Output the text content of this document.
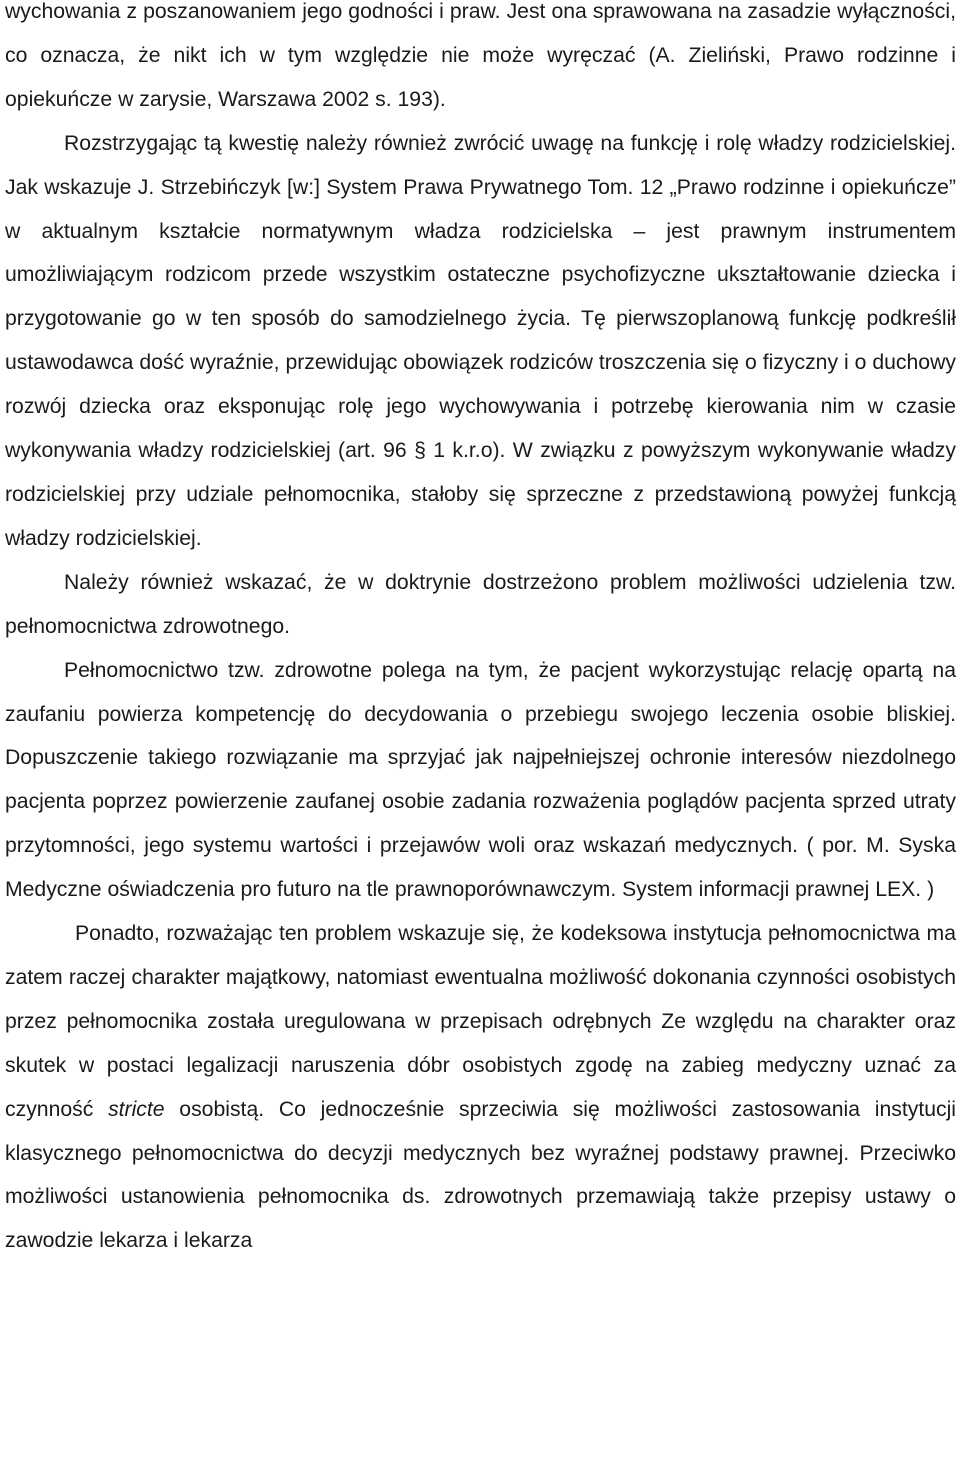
wychowania z poszanowaniem jego godności i praw. Jest ona sprawowana na zasadzie wyłączności, co oznacza, że nikt ich w tym względzie nie może wyręczać (A. Zieliński, Prawo rodzinne i opiekuńcze w zarysie, Warszawa 2002 s. 193).

Rozstrzygając tą kwestię należy również zwrócić uwagę na funkcję i rolę władzy rodzicielskiej. Jak wskazuje J. Strzebińczyk [w:] System Prawa Prywatnego Tom. 12 „Prawo rodzinne i opiekuńcze” w aktualnym kształcie normatywnym władza rodzicielska – jest prawnym instrumentem umożliwiającym rodzicom przede wszystkim ostateczne psychofizyczne ukształtowanie dziecka i przygotowanie go w ten sposób do samodzielnego życia. Tę pierwszoplanową funkcję podkreślił ustawodawca dość wyraźnie, przewidując obowiązek rodziców troszczenia się o fizyczny i o duchowy rozwój dziecka oraz eksponując rolę jego wychowywania i potrzebę kierowania nim w czasie wykonywania władzy rodzicielskiej (art. 96 § 1 k.r.o). W związku z powyższym wykonywanie władzy rodzicielskiej przy udziale pełnomocnika, stałoby się sprzeczne z przedstawioną powyżej funkcją władzy rodzicielskiej.

Należy również wskazać, że w doktrynie dostrzeżono problem możliwości udzielenia tzw. pełnomocnictwa zdrowotnego.

Pełnomocnictwo tzw. zdrowotne polega na tym, że pacjent wykorzystując relację opartą na zaufaniu powierza kompetencję do decydowania o przebiegu swojego leczenia osobie bliskiej. Dopuszczenie takiego rozwiązanie ma sprzyjać jak najpełniejszej ochronie interesów niezdolnego pacjenta poprzez powierzenie zaufanej osobie zadania rozważenia poglądów pacjenta sprzed utraty przytomności, jego systemu wartości i przejawów woli oraz wskazań medycznych. ( por. M. Syska Medyczne oświadczenia pro futuro na tle prawnoporównawczym. System informacji prawnej LEX. )

Ponadto, rozważając ten problem wskazuje się, że kodeksowa instytucja pełnomocnictwa ma zatem raczej charakter majątkowy, natomiast ewentualna możliwość dokonania czynności osobistych przez pełnomocnika została uregulowana w przepisach odrębnych Ze względu na charakter oraz skutek w postaci legalizacji naruszenia dóbr osobistych zgodę na zabieg medyczny uznać za czynność stricte osobistą. Co jednocześnie sprzeciwia się możliwości zastosowania instytucji klasycznego pełnomocnictwa do decyzji medycznych bez wyraźnej podstawy prawnej. Przeciwko możliwości ustanowienia pełnomocnika ds. zdrowotnych przemawiają także przepisy ustawy o zawodzie lekarza i lekarza
